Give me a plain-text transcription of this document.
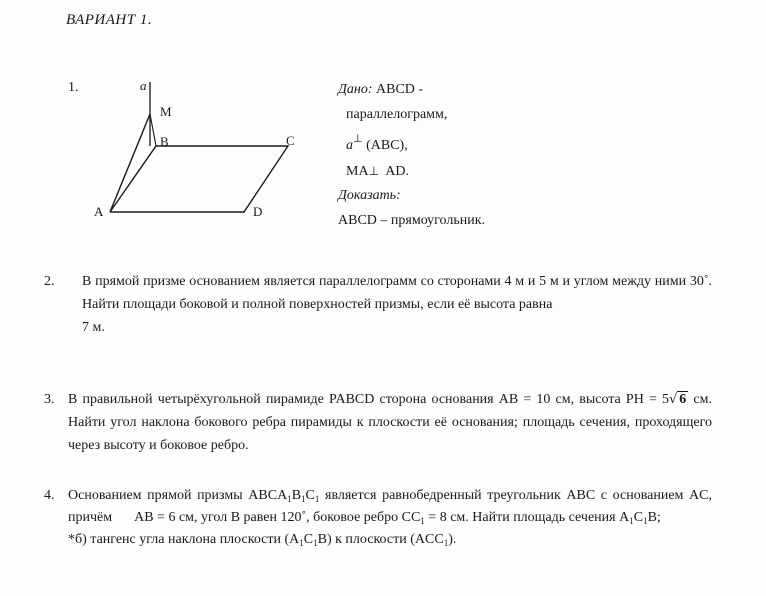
ВАРИАНТ 1.
1.	a
M
B	C
A	D
Дано: ABCD -
параллелограмм,
a⊥ (ABC),
MA⊥  AD.
Доказать:
ABCD – прямоугольник.
2.	В прямой призме основанием является параллелограмм со сторонами 4 м и 5 м и углом между ними 30˚. Найти площади боковой и полной поверхностей призмы, если её высота равна
7 м.
3. В правильной четырёхугольной пирамиде PABCD сторона основания AB = 10 см, высота PH = 5√ 6 см. Найти угол наклона бокового ребра пирамиды к плоскости её основания; площадь сечения, проходящего через высоту и боковое ребро.
4. Основанием прямой призмы $ABCA_1B_1C_1$ является равнобедренный треугольник ABC с основанием AC, причём AB = 6 см, угол B равен 120˚, боковое ребро $CC_1 = 8$ см. Найти площадь сечения $A_1C_1B$;
*б) тангенс угла наклона плоскости $(A_1C_1B)$ к плоскости $(ACC_1)$.
